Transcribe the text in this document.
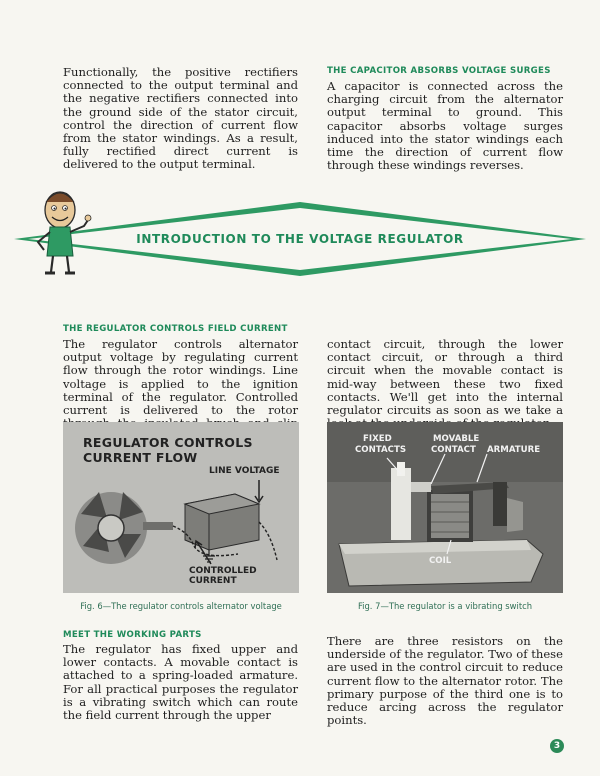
Functionally, the positive rectifiers connected to the output terminal and the negative rectifiers connected into the ground side of the stator circuit, control the direction of current flow from the stator windings. As a result, fully rectified direct current is delivered to the output terminal.
THE CAPACITOR ABSORBS VOLTAGE SURGES
A capacitor is connected across the charging circuit from the alternator output terminal to ground. This capacitor absorbs voltage surges induced into the stator windings each time the direction of current flow through these windings reverses.
INTRODUCTION TO THE VOLTAGE REGULATOR
THE REGULATOR CONTROLS FIELD CURRENT
The regulator controls alternator output voltage by regulating current flow through the rotor windings. Line voltage is applied to the ignition terminal of the regulator. Controlled current is delivered to the rotor
contact circuit, through the lower contact circuit, or through a third circuit when the movable contact is mid-way between these two fixed contacts. We'll get into the internal regulator circuits as soon as we take a
REGULATOR CONTROLS CURRENT FLOW
LINE VOLTAGE
CONTROLLED CURRENT
Fig. 6—The regulator controls alternator voltage
FIXED
CONTACTS
MOVABLE
CONTACT ARMATURE
COIL
Fig. 7—The regulator is a vibrating switch
MEET THE WORKING PARTS
The regulator has fixed upper and lower contacts. A movable contact is attached to a spring-loaded armature. For all practical purposes the regulator is a vibrating switch which can route the field current through the upper
There are three resistors on the underside of the regulator. Two of these are used in the control circuit to reduce current flow to the alternator rotor. The primary purpose of the third one is to reduce arcing across the regulator points.
3
